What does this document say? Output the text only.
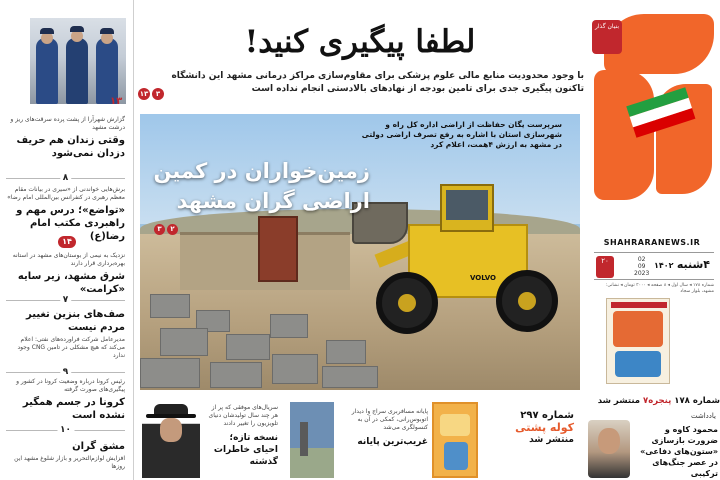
۱۳
گزارش شهرآرا از پشت پرده سرقت‌های ریز و درشت مشهد
وقتی زندان هم حریف دزدان نمی‌شود
۸
برش‌هایی خواندنی از «سیری در بیانات مقام معظم رهبری در کنفرانس بین‌المللی امام رضا»
«تواضع»؛ درس مهم و راهبردی مکتب امام رضا(ع)
۱۴
نزدیک به نیمی از بوستان‌های مشهد در استانه بهره‌برداری قرار دارند
شرق مشهد، زیر سایه «کرامت»
۷
صف‌های بنزین تغییر مردم نیست
مدیرعامل شرکت فراورده‌های نفتی: اعلام می‌کند که هیچ مشکلی در تامین CNG وجود ندارد
۹
رئیس کرونا درباره وضعیت کرونا در کشور و پیگیری‌های صورت گرفته
کرونا در جسم همگیر نشده است
۱۰
مشق گران
افزایش لوازم‌التحریر و بازار شلوغ مشهد این روزها
لطفا پیگیری کنید!
با وجود محدودیت منابع مالی علوم پزشکی برای مقاوم‌سازی مراکز درمانی مشهد این دانشگاه تاکنون پیگیری جدی برای تامین بودجه از نهادهای بالادستی انجام نداده است
۱۳	۳
VOLVO
سرپرست یگان حفاظت از اراضی اداره کل راه و شهرسازی استان با اشاره به رفع تصرف اراضی دولتی در مشهد به ارزش ۴همت، اعلام کرد
زمین‌خواران در کمین اراضی گران مشهد
۳	۲
سریال‌های موفقی که پر از هر چند سال تولیدشان دنیای تلویزیون را تغییر دادند
نسخه تازه؛ احیای خاطرات گذشته
پایانه مسافربری سراج وا دیدار اتوبوس‌رانی، کمکی در آن به کنسولگری می‌شد
غریب‌ترین پایانه
شماره ۲۹۷
کوله پشتی
منتشر شد
بنیان گذار
SHAHRARANEWS.IR
۲۰	02
09
2023
۱۴۰۲ ۴شنبه
شماره ۱۷۸ ◂ سال اول ◂ ۸ صفحه ◂ ۳۰۰۰ تومان ◂ نشانی: مشهد، بلوار سجاد
شماره ۱۷۸ پنجره۷ منتشر شد
یادداشت
محمود کاوه و ضرورت بازسازی «ستون‌های دفاعی» در عصر جنگ‌های ترکیبی
